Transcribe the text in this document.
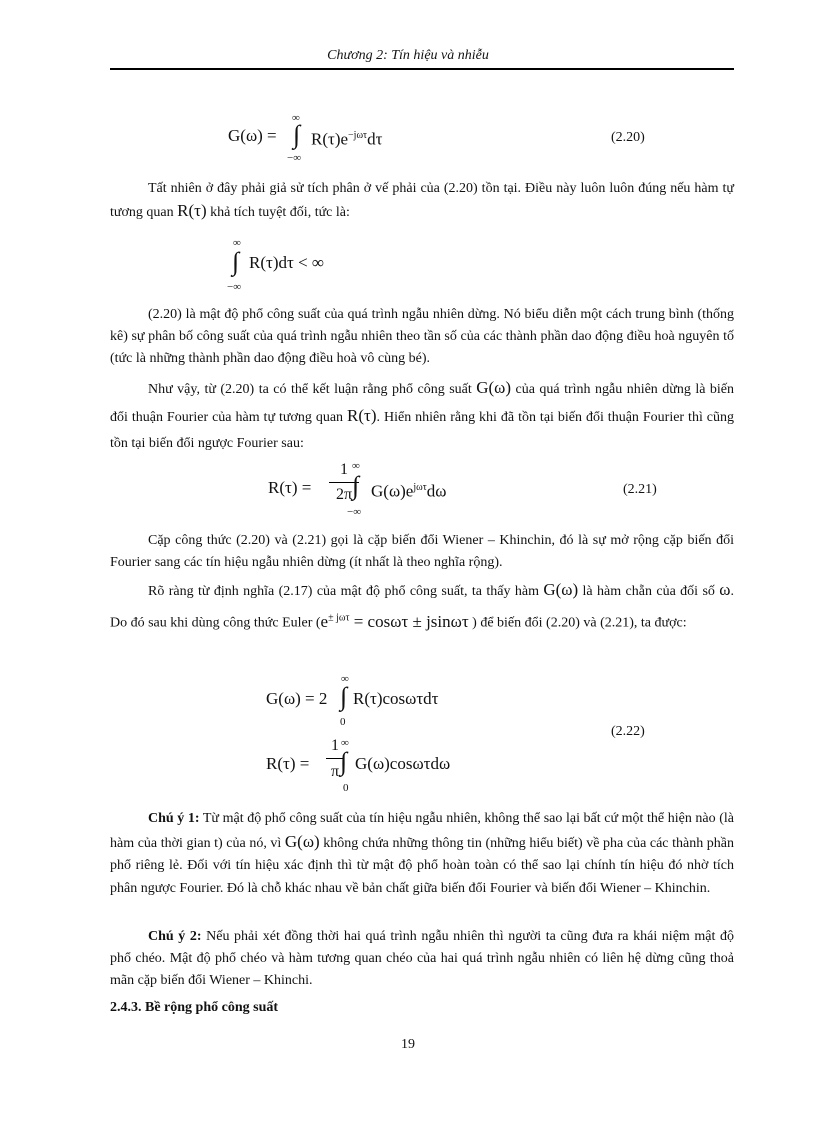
Chương 2: Tín hiệu và nhiễu
G(ω) =
∞
∫
−∞
$R(\tau)e^{-j\omega\tau}d\tau$	(2.20)

Tất nhiên ở đây phải giả sử tích phân ở vế phải của (2.20) tồn tại. Điều này luôn luôn đúng nếu hàm tự tương quan R(τ) khả tích tuyệt đối, tức là:

∞
∫
−∞
R(τ)dτ < ∞

(2.20) là mật độ phổ công suất của quá trình ngẫu nhiên dừng. Nó biểu diễn một cách trung bình (thống kê) sự phân bố công suất của quá trình ngẫu nhiên theo tần số của các thành phần dao động điều hoà nguyên tố (tức là những thành phần dao động điều hoà vô cùng bé).

Như vậy, từ (2.20) ta có thể kết luận rằng phổ công suất G(ω) của quá trình ngẫu nhiên dừng là biến đổi thuận Fourier của hàm tự tương quan R(τ). Hiển nhiên rằng khi đã tồn tại biến đổi thuận Fourier thì cũng tồn tại biến đổi ngược Fourier sau:

R(τ) =
1
2π
∞
∫
−∞
$G(\omega)e^{j\omega\tau}d\omega$	(2.21)

Cặp công thức (2.20) và (2.21) gọi là cặp biến đổi Wiener – Khinchin, đó là sự mở rộng cặp biến đổi Fourier sang các tín hiệu ngẫu nhiên dừng (ít nhất là theo nghĩa rộng).

Rõ ràng từ định nghĩa (2.17) của mật độ phổ công suất, ta thấy hàm G(ω) là hàm chẵn của đối số ω. Do đó sau khi dùng công thức Euler ($e^{\pm j\omega\tau} = \cos\omega\tau \pm jsin\omega\tau$ ) để biến đổi (2.20) và (2.21), ta được:

G(ω) = 2
∞
∫
0
R(τ)cosωτdτ
R(τ) =
1
π
∞
∫
0
G(ω)cosωτdω
(2.22)

Chú ý 1: Từ mật độ phổ công suất của tín hiệu ngẫu nhiên, không thể sao lại bất cứ một thể hiện nào (là hàm của thời gian t) của nó, vì G(ω) không chứa những thông tin (những hiểu biết) về pha của các thành phần phổ riêng lẻ. Đối với tín hiệu xác định thì từ mật độ phổ hoàn toàn có thể sao lại chính tín hiệu đó nhờ tích phân ngược Fourier. Đó là chỗ khác nhau về bản chất giữa biến đổi Fourier và biến đổi Wiener – Khinchin.

Chú ý 2: Nếu phải xét đồng thời hai quá trình ngẫu nhiên thì người ta cũng đưa ra khái niệm mật độ phổ chéo. Mật độ phổ chéo và hàm tương quan chéo của hai quá trình ngẫu nhiên có liên hệ dừng cũng thoả mãn cặp biến đổi Wiener – Khinchi.

2.4.3. Bề rộng phổ công suất
19
